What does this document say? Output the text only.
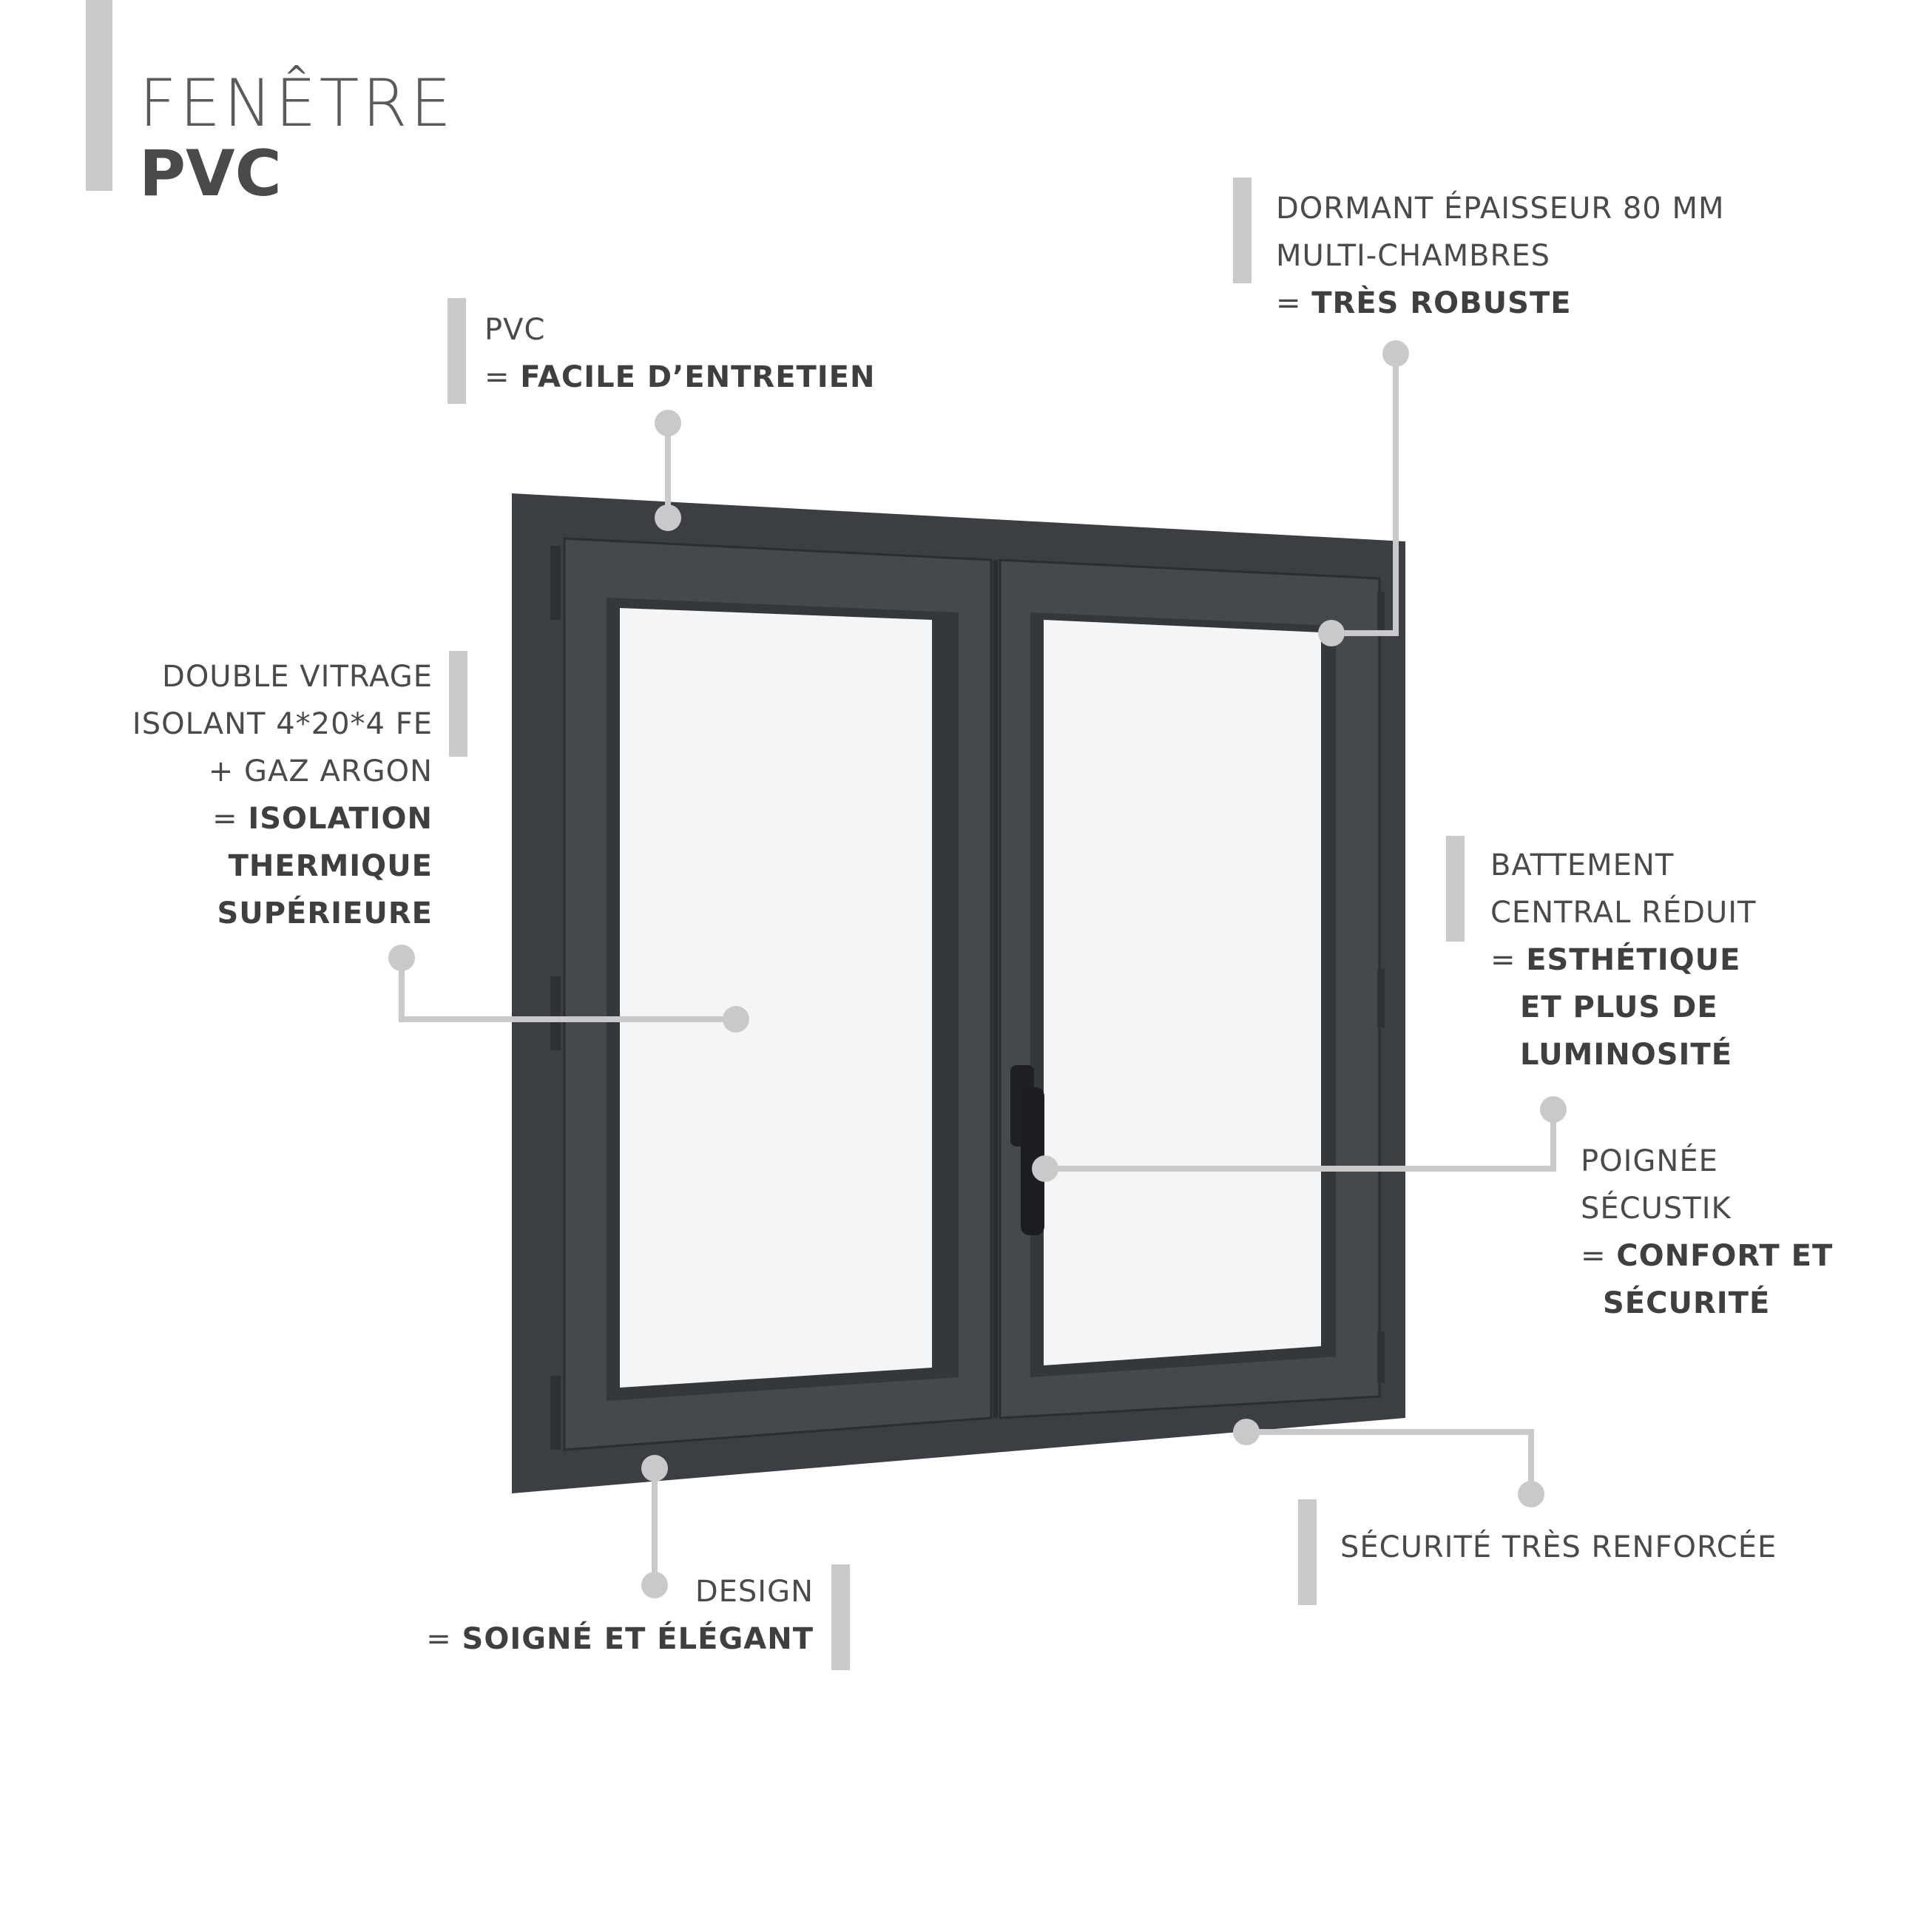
FENÊTRE
PVC
PVC
= FACILE D’ENTRETIEN
DORMANT ÉPAISSEUR 80 MM
MULTI-CHAMBRES
= TRÈS ROBUSTE
DOUBLE VITRAGE
ISOLANT 4*20*4 FE
+ GAZ ARGON
= ISOLATION
THERMIQUE
SUPÉRIEURE
BATTEMENT
CENTRAL RÉDUIT
= ESTHÉTIQUE
ET PLUS DE
LUMINOSITÉ
POIGNÉE
SÉCUSTIK
= CONFORT ET
SÉCURITÉ
SÉCURITÉ TRÈS RENFORCÉE
DESIGN
= SOIGNÉ ET ÉLÉGANT
